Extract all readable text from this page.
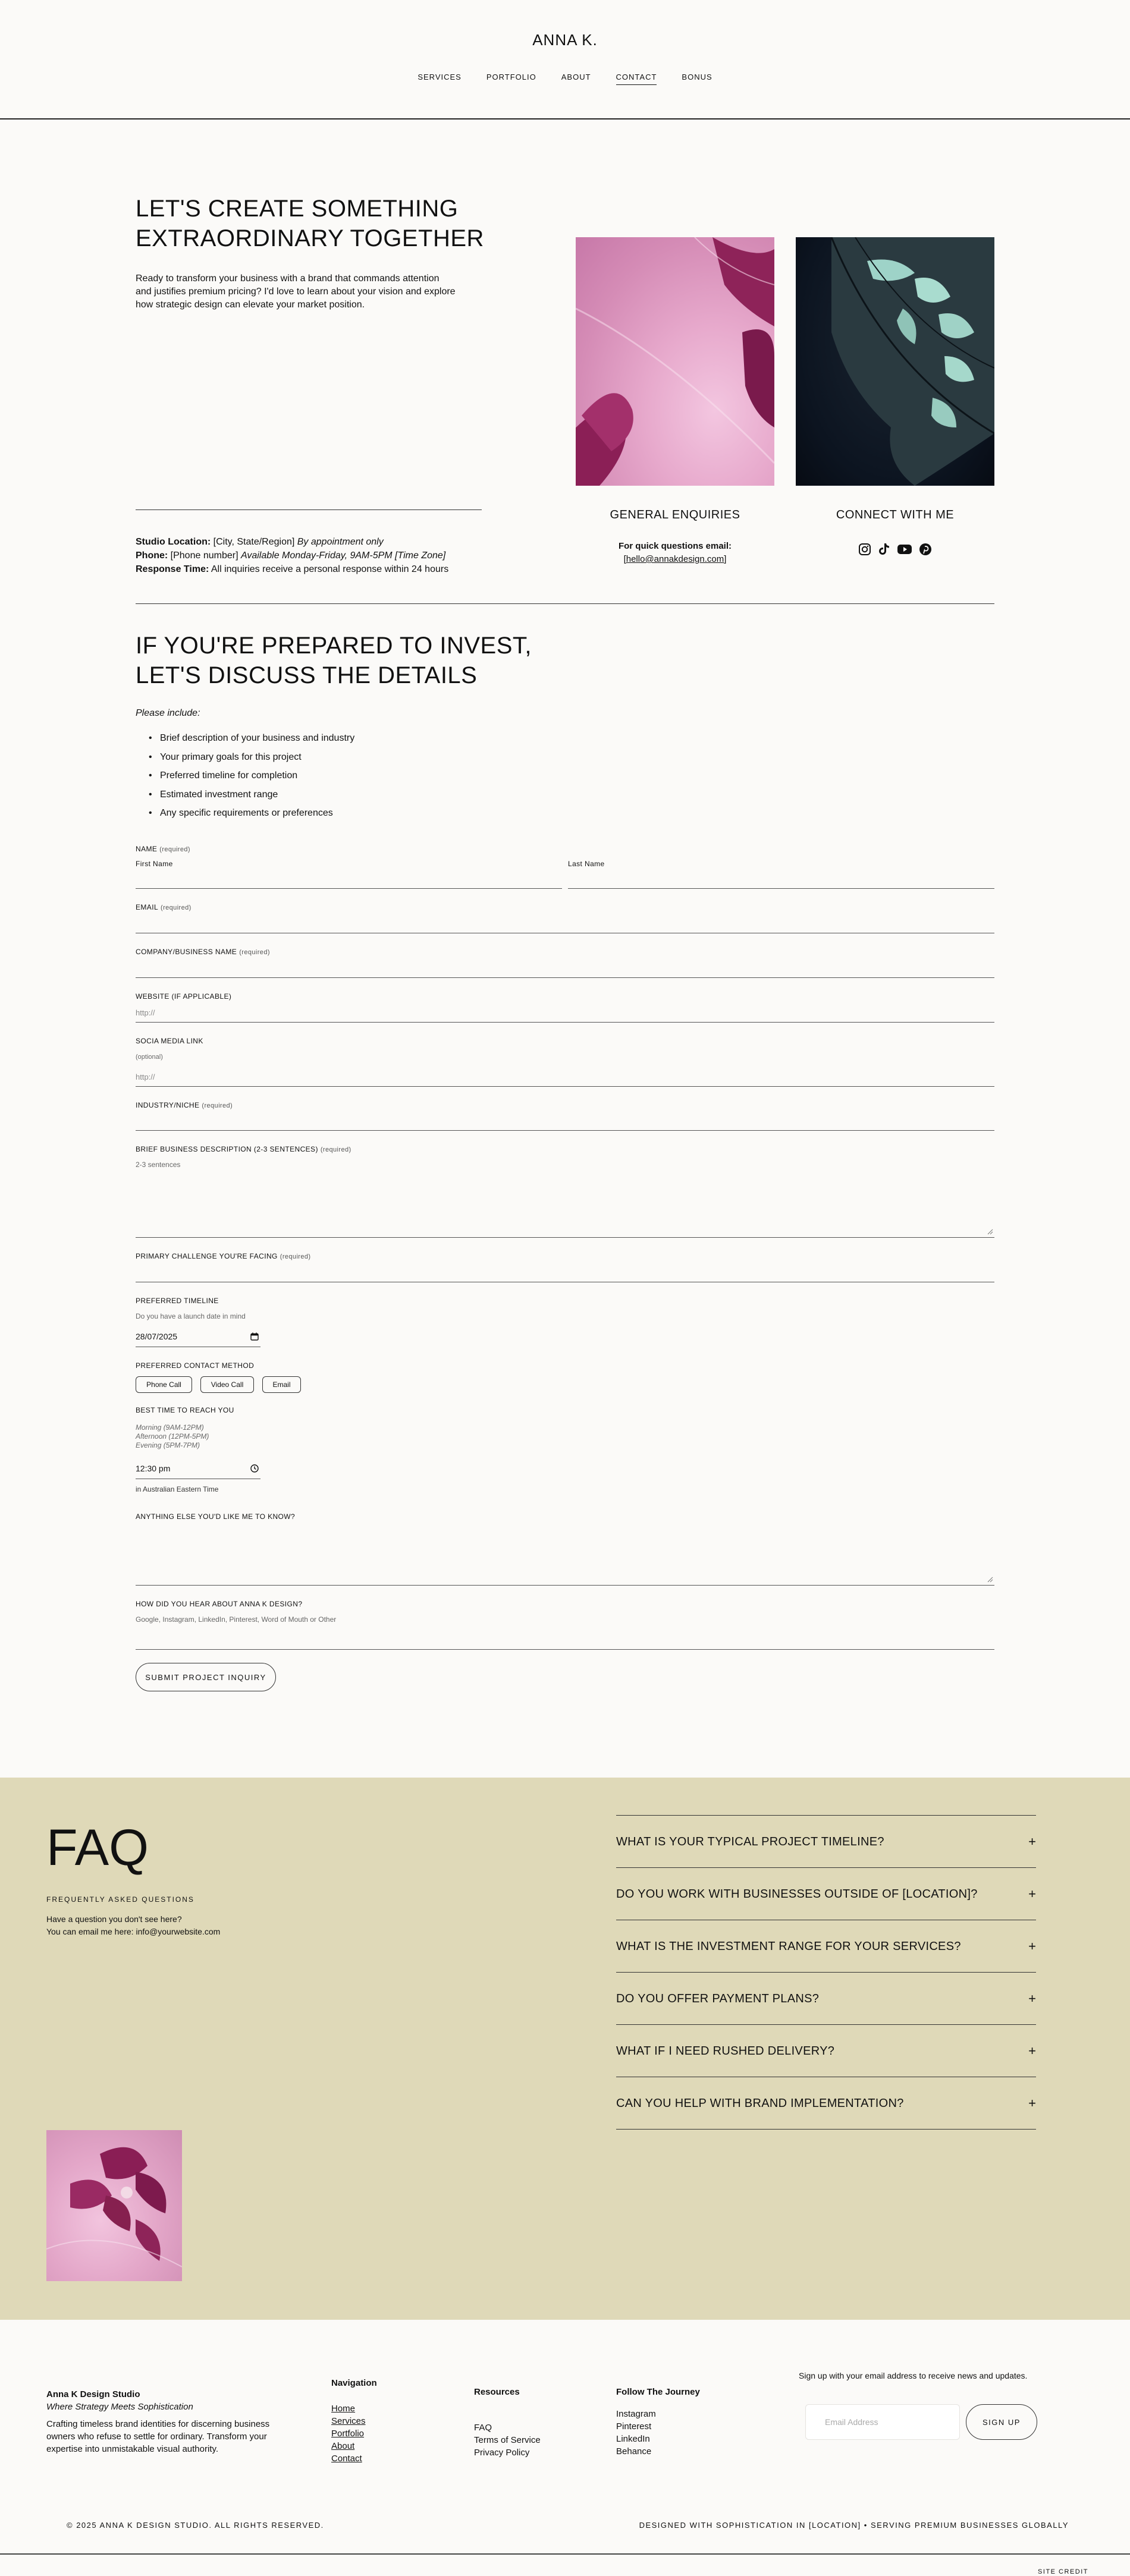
ANNA K.
SERVICES	PORTFOLIO	ABOUT	CONTACT	BONUS
LET'S CREATE SOMETHING
EXTRAORDINARY TOGETHER
Ready to transform your business with a brand that commands attention
and justifies premium pricing? I'd love to learn about your vision and explore
how strategic design can elevate your market position.
Studio Location: [City, State/Region] By appointment only
Phone: [Phone number] Available Monday-Friday, 9AM-5PM [Time Zone]
Response Time: All inquiries receive a personal response within 24 hours
GENERAL ENQUIRIES
For quick questions email:
[hello@annakdesign.com]
CONNECT WITH ME
IF YOU'RE PREPARED TO INVEST,
LET'S DISCUSS THE DETAILS
Please include:
•   Brief description of your business and industry
•   Your primary goals for this project
•   Preferred timeline for completion
•   Estimated investment range
•   Any specific requirements or preferences
NAME (required)
First Name	Last Name
EMAIL (required)
COMPANY/BUSINESS NAME (required)
WEBSITE (IF APPLICABLE)
http://
SOCIA MEDIA LINK
(optional)
http://
INDUSTRY/NICHE (required)
BRIEF BUSINESS DESCRIPTION (2-3 SENTENCES) (required)
2-3 sentences
PRIMARY CHALLENGE YOU'RE FACING (required)
PREFERRED TIMELINE
Do you have a launch date in mind
28/07/2025
PREFERRED CONTACT METHOD
Phone Call	Video Call	Email
BEST TIME TO REACH YOU
Morning (9AM-12PM)
Afternoon (12PM-5PM)
Evening (5PM-7PM)
12:30 pm
in Australian Eastern Time
ANYTHING ELSE YOU'D LIKE ME TO KNOW?
HOW DID YOU HEAR ABOUT ANNA K DESIGN?
Google, Instagram, LinkedIn, Pinterest, Word of Mouth or Other
SUBMIT PROJECT INQUIRY
FAQ
FREQUENTLY ASKED QUESTIONS
Have a question you don't see here?
You can email me here: info@yourwebsite.com
WHAT IS YOUR TYPICAL PROJECT TIMELINE?	+
DO YOU WORK WITH BUSINESSES OUTSIDE OF [LOCATION]?	+
WHAT IS THE INVESTMENT RANGE FOR YOUR SERVICES?	+
DO YOU OFFER PAYMENT PLANS?	+
WHAT IF I NEED RUSHED DELIVERY?	+
CAN YOU HELP WITH BRAND IMPLEMENTATION?	+
Anna K Design Studio
Where Strategy Meets Sophistication
Crafting timeless brand identities for discerning business
owners who refuse to settle for ordinary. Transform your
expertise into unmistakable visual authority.
Navigation
Home
Services
Portfolio
About
Contact
Resources
FAQ
Terms of Service
Privacy Policy
Follow The Journey
Instagram
Pinterest
LinkedIn
Behance
Sign up with your email address to receive news and updates.
Email Address	SIGN UP
© 2025 ANNA K DESIGN STUDIO. ALL RIGHTS RESERVED.	DESIGNED WITH SOPHISTICATION IN [LOCATION] • SERVING PREMIUM BUSINESSES GLOBALLY
SITE CREDIT
